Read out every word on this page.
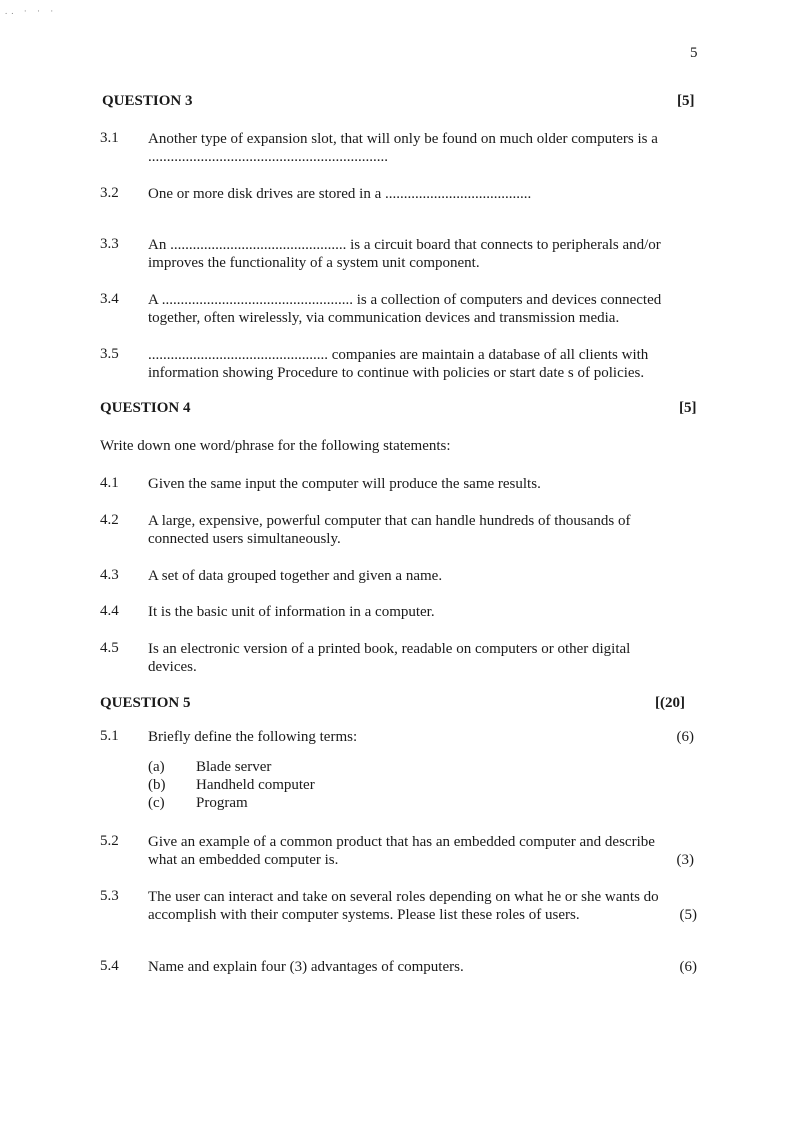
.. · · ·
5
QUESTION 3	[5]
3.1 Another type of expansion slot, that will only be found on much older computers is a
................................................................
3.2 One or more disk drives are stored in a .......................................
3.3 An ............................................... is a circuit board that connects to peripherals and/or
improves the functionality of a system unit component.
3.4 A ................................................... is a collection of computers and devices connected
together, often wirelessly, via communication devices and transmission media.
3.5 ................................................ companies are maintain a database of all clients with
information showing Procedure to continue with policies or start date s of policies.
QUESTION 4	[5]
Write down one word/phrase for the following statements:
4.1 Given the same input the computer will produce the same results.
4.2 A large, expensive, powerful computer that can handle hundreds of thousands of
connected users simultaneously.
4.3 A set of data grouped together and given a name.
4.4 It is the basic unit of information in a computer.
4.5 Is an electronic version of a printed book, readable on computers or other digital
devices.
QUESTION 5	[(20]
5.1 Briefly define the following terms:	(6)
(a) Blade server
(b) Handheld computer
(c) Program
5.2 Give an example of a common product that has an embedded computer and describe
what an embedded computer is.	(3)
5.3 The user can interact and take on several roles depending on what he or she wants do
accomplish with their computer systems. Please list these roles of users.	(5)
5.4 Name and explain four (3) advantages of computers.	(6)
